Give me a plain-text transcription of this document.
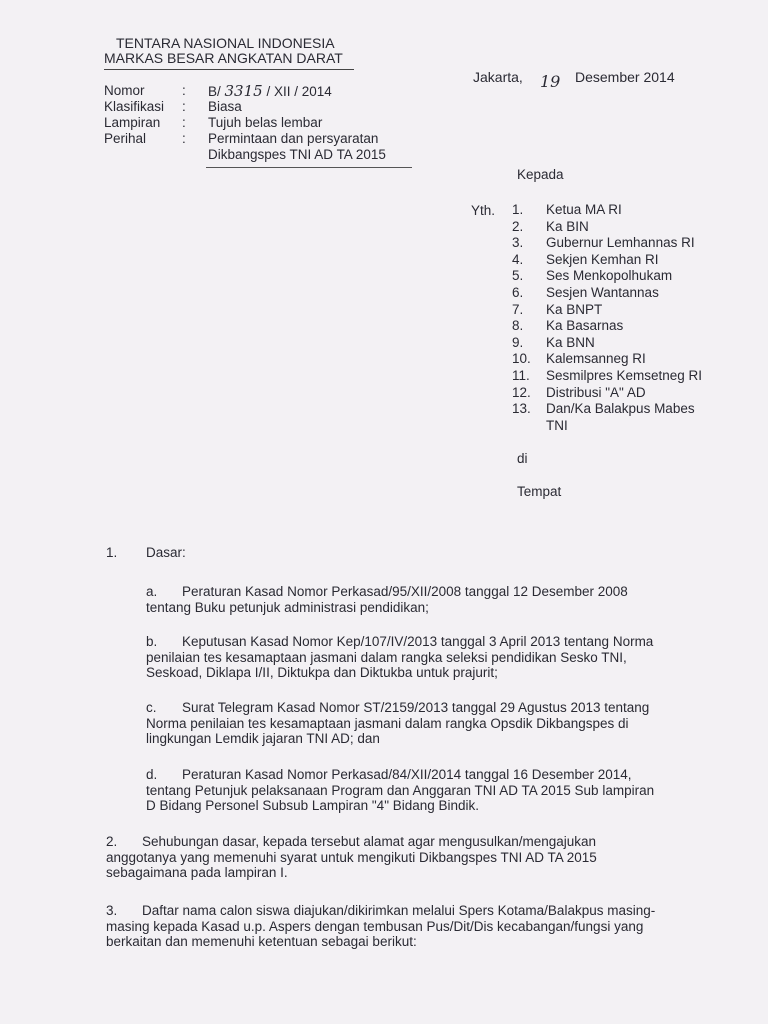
TENTARA NASIONAL INDONESIA
MARKAS BESAR ANGKATAN DARAT
Jakarta, 19 Desember 2014
Nomor	:	B/ 3315 / XII / 2014
Klasifikasi	:	Biasa
Lampiran	:	Tujuh belas lembar
Perihal	:	Permintaan dan persyaratan
Dikbangspes TNI AD TA 2015
Kepada
Yth.	1.	Ketua MA RI
2.	Ka BIN
3.	Gubernur Lemhannas RI
4.	Sekjen Kemhan RI
5.	Ses Menkopolhukam
6.	Sesjen Wantannas
7.	Ka BNPT
8.	Ka Basarnas
9.	Ka BNN
10.	Kalemsanneg RI
11.	Sesmilpres Kemsetneg RI
12.	Distribusi "A" AD
13.	Dan/Ka Balakpus Mabes
TNI
di
Tempat
1. Dasar:
a. Peraturan Kasad Nomor Perkasad/95/XII/2008 tanggal 12 Desember 2008
tentang Buku petunjuk administrasi pendidikan;
b. Keputusan Kasad Nomor Kep/107/IV/2013 tanggal 3 April 2013 tentang Norma
penilaian tes kesamaptaan jasmani dalam rangka seleksi pendidikan Sesko TNI,
Seskoad, Diklapa I/II, Diktukpa dan Diktukba untuk prajurit;
c. Surat Telegram Kasad Nomor ST/2159/2013 tanggal 29 Agustus 2013 tentang
Norma penilaian tes kesamaptaan jasmani dalam rangka Opsdik Dikbangspes di
lingkungan Lemdik jajaran TNI AD; dan
d. Peraturan Kasad Nomor Perkasad/84/XII/2014 tanggal 16 Desember 2014,
tentang Petunjuk pelaksanaan Program dan Anggaran TNI AD TA 2015 Sub lampiran
D Bidang Personel Subsub Lampiran "4" Bidang Bindik.
2. Sehubungan dasar, kepada tersebut alamat agar mengusulkan/mengajukan
anggotanya yang memenuhi syarat untuk mengikuti Dikbangspes TNI AD TA 2015
sebagaimana pada lampiran I.
3. Daftar nama calon siswa diajukan/dikirimkan melalui Spers Kotama/Balakpus masing-
masing kepada Kasad u.p. Aspers dengan tembusan Pus/Dit/Dis kecabangan/fungsi yang
berkaitan dan memenuhi ketentuan sebagai berikut:
